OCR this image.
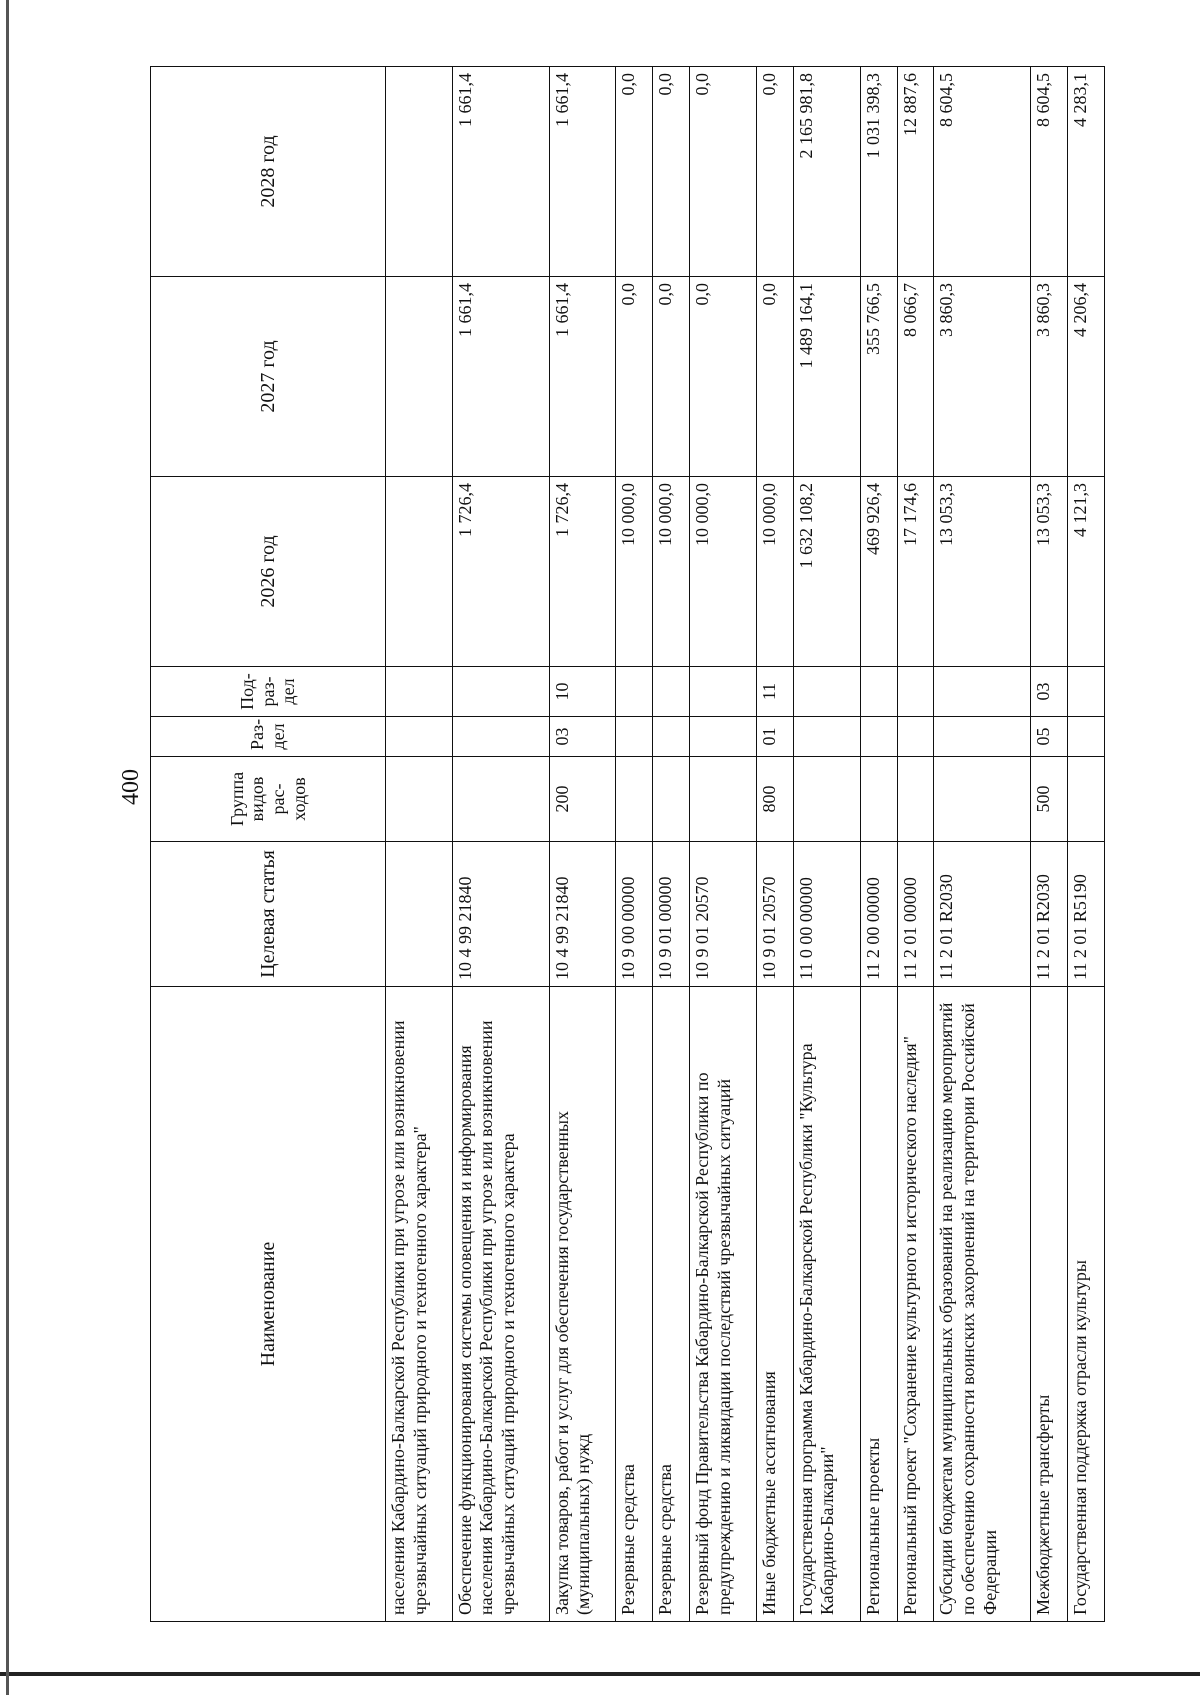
400
Наименование	Целевая статья	Группа видов рас- ходов	Раз- дел	Под- раз- дел	2026 год	2027 год	2028 год
населения Кабардино-Балкарской Республики при угрозе или возникновении чрезвычайных ситуаций природного и техногенного характера"							
Обеспечение функционирования системы оповещения и информирования населения Кабардино-Балкарской Республики при угрозе или возникновении чрезвычайных ситуаций природного и техногенного характера	10 4 99 21840				1 726,4	1 661,4	1 661,4
Закупка товаров, работ и услуг для обеспечения государственных (муниципальных) нужд	10 4 99 21840	200	03	10	1 726,4	1 661,4	1 661,4
Резервные средства	10 9 00 00000				10 000,0	0,0	0,0
Резервные средства	10 9 01 00000				10 000,0	0,0	0,0
Резервный фонд Правительства Кабардино-Балкарской Республики по предупреждению и ликвидации последствий чрезвычайных ситуаций	10 9 01 20570				10 000,0	0,0	0,0
Иные бюджетные ассигнования	10 9 01 20570	800	01	11	10 000,0	0,0	0,0
Государственная программа Кабардино-Балкарской Республики "Культура Кабардино-Балкарии"	11 0 00 00000				1 632 108,2	1 489 164,1	2 165 981,8
Региональные проекты	11 2 00 00000				469 926,4	355 766,5	1 031 398,3
Региональный проект "Сохранение культурного и исторического наследия"	11 2 01 00000				17 174,6	8 066,7	12 887,6
Субсидии бюджетам муниципальных образований на реализацию мероприятий по обеспечению сохранности воинских захоронений на территории Российской Федерации	11 2 01 R2030				13 053,3	3 860,3	8 604,5
Межбюджетные трансферты	11 2 01 R2030	500	05	03	13 053,3	3 860,3	8 604,5
Государственная поддержка отрасли культуры	11 2 01 R5190				4 121,3	4 206,4	4 283,1
